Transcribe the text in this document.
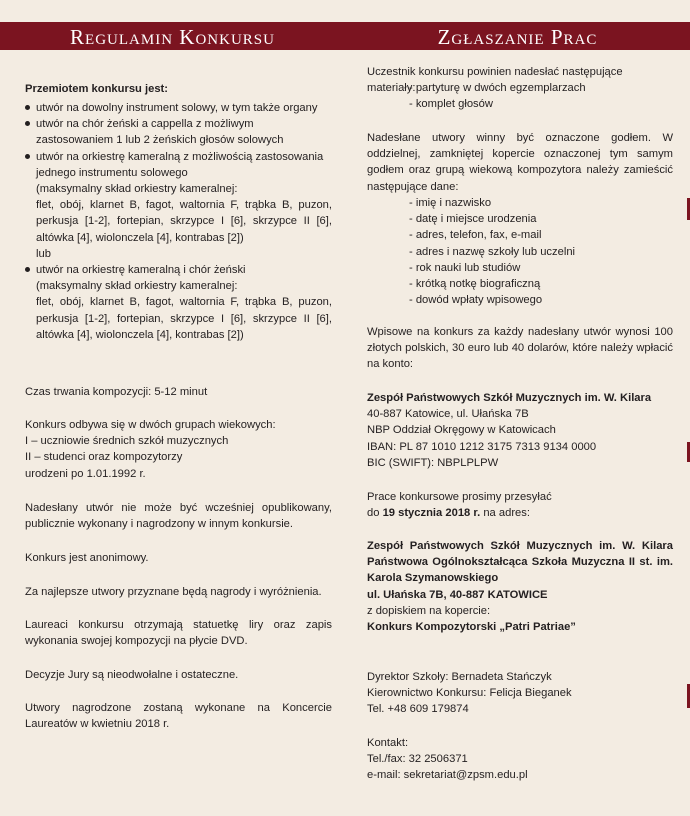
Regulamin Konkursu	Zgłaszanie Prac
Przemiotem konkursu jest:
utwór na dowolny instrument solowy, w tym także organy
utwór na chór żeński a cappella z możliwym zastosowaniem 1 lub 2 żeńskich głosów solowych
utwór na orkiestrę kameralną z możliwością zastosowania jednego instrumentu solowego
(maksymalny skład orkiestry kameralnej:
flet, obój, klarnet B, fagot, waltornia F, trąbka B, puzon, perkusja [1-2], fortepian, skrzypce I [6], skrzypce II [6], altówka [4], wiolonczela [4], kontrabas [2])
lub
utwór na orkiestrę kameralną i chór żeński
(maksymalny skład orkiestry kameralnej:
flet, obój, klarnet B, fagot, waltornia F, trąbka B, puzon, perkusja [1-2], fortepian, skrzypce I [6], skrzypce II [6], altówka [4], wiolonczela [4], kontrabas [2])
Czas trwania kompozycji: 5-12 minut
Konkurs odbywa się w dwóch grupach wiekowych:
I – uczniowie średnich szkół muzycznych
II – studenci oraz kompozytorzy
urodzeni po 1.01.1992 r.
Nadesłany utwór nie może być wcześniej opublikowany, publicznie wykonany i nagrodzony w innym konkursie.
Konkurs jest anonimowy.
Za najlepsze utwory przyznane będą nagrody i wyróżnienia.
Laureaci konkursu otrzymają statuetkę liry oraz zapis wykonania swojej kompozycji na płycie DVD.
Decyzje Jury są nieodwołalne i ostateczne.
Utwory nagrodzone zostaną wykonane na Koncercie Laureatów w kwietniu 2018 r.
Uczestnik konkursu powinien nadesłać następujące materiały:
- partyturę w dwóch egzemplarzach
- komplet głosów
Nadesłane utwory winny być oznaczone godłem. W oddzielnej, zamkniętej kopercie oznaczonej tym samym godłem oraz grupą wiekową kompozytora należy zamieścić następujące dane:
- imię i nazwisko
- datę i miejsce urodzenia
- adres, telefon, fax, e-mail
- adres i nazwę szkoły lub uczelni
- rok nauki lub studiów
- krótką notkę biograficzną
- dowód wpłaty wpisowego
Wpisowe na konkurs za każdy nadesłany utwór wynosi 100 złotych polskich, 30 euro lub 40 dolarów, które należy wpłacić na konto:
Zespół Państwowych Szkół Muzycznych im. W. Kilara
40-887 Katowice, ul. Ułańska 7B
NBP Oddział Okręgowy w Katowicach
IBAN: PL 87 1010 1212 3175 7313 9134 0000
BIC (SWIFT): NBPLPLPW
Prace konkursowe prosimy przesyłać
do 19 stycznia 2018 r. na adres:
Zespół Państwowych Szkół Muzycznych im. W. Kilara Państwowa Ogólnokształcąca Szkoła Muzyczna II st. im. Karola Szymanowskiego
ul. Ułańska 7B, 40-887 KATOWICE
z dopiskiem na kopercie:
Konkurs Kompozytorski „Patri Patriae”
Dyrektor Szkoły: Bernadeta Stańczyk
Kierownictwo Konkursu: Felicja Bieganek
Tel. +48 609 179874
Kontakt:
Tel./fax: 32 2506371
e-mail: sekretariat@zpsm.edu.pl
